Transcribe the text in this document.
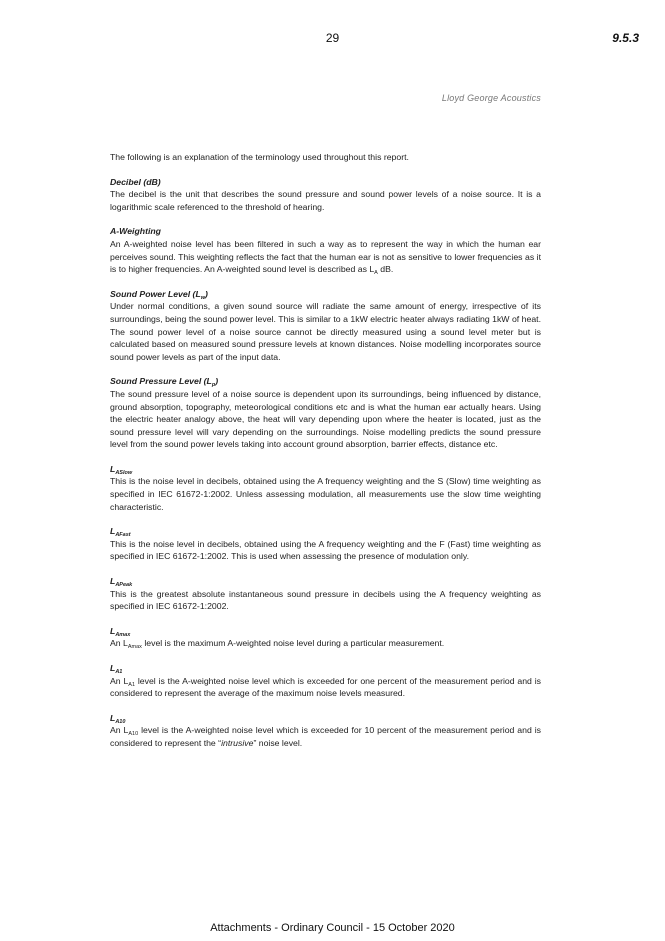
29	9.5.3
Lloyd George Acoustics

The following is an explanation of the terminology used throughout this report.

Decibel (dB)

The decibel is the unit that describes the sound pressure and sound power levels of a noise source. It is a logarithmic scale referenced to the threshold of hearing.

A-Weighting

An A-weighted noise level has been filtered in such a way as to represent the way in which the human ear perceives sound. This weighting reflects the fact that the human ear is not as sensitive to lower frequencies as it is to higher frequencies. An A-weighted sound level is described as $L_A$ dB.

Sound Power Level $(L_w)$

Under normal conditions, a given sound source will radiate the same amount of energy, irrespective of its surroundings, being the sound power level. This is similar to a 1kW electric heater always radiating 1kW of heat. The sound power level of a noise source cannot be directly measured using a sound level meter but is calculated based on measured sound pressure levels at known distances. Noise modelling incorporates source sound power levels as part of the input data.

Sound Pressure Level $(L_p)$

The sound pressure level of a noise source is dependent upon its surroundings, being influenced by distance, ground absorption, topography, meteorological conditions etc and is what the human ear actually hears. Using the electric heater analogy above, the heat will vary depending upon where the heater is located, just as the sound pressure level will vary depending on the surroundings. Noise modelling predicts the sound pressure level from the sound power levels taking into account ground absorption, barrier effects, distance etc.

$L_{ASlow}$

This is the noise level in decibels, obtained using the A frequency weighting and the S (Slow) time weighting as specified in IEC 61672-1:2002. Unless assessing modulation, all measurements use the slow time weighting characteristic.

$L_{AFast}$

This is the noise level in decibels, obtained using the A frequency weighting and the F (Fast) time weighting as specified in IEC 61672-1:2002. This is used when assessing the presence of modulation only.

$L_{APeak}$

This is the greatest absolute instantaneous sound pressure in decibels using the A frequency weighting as specified in IEC 61672-1:2002.

$L_{Amax}$

An $L_{Amax}$ level is the maximum A-weighted noise level during a particular measurement.

$L_{A1}$

An $L_{A1}$ level is the A-weighted noise level which is exceeded for one percent of the measurement period and is considered to represent the average of the maximum noise levels measured.

$L_{A10}$

An $L_{A10}$ level is the A-weighted noise level which is exceeded for 10 percent of the measurement period and is considered to represent the “intrusive” noise level.

Attachments - Ordinary Council - 15 October 2020
